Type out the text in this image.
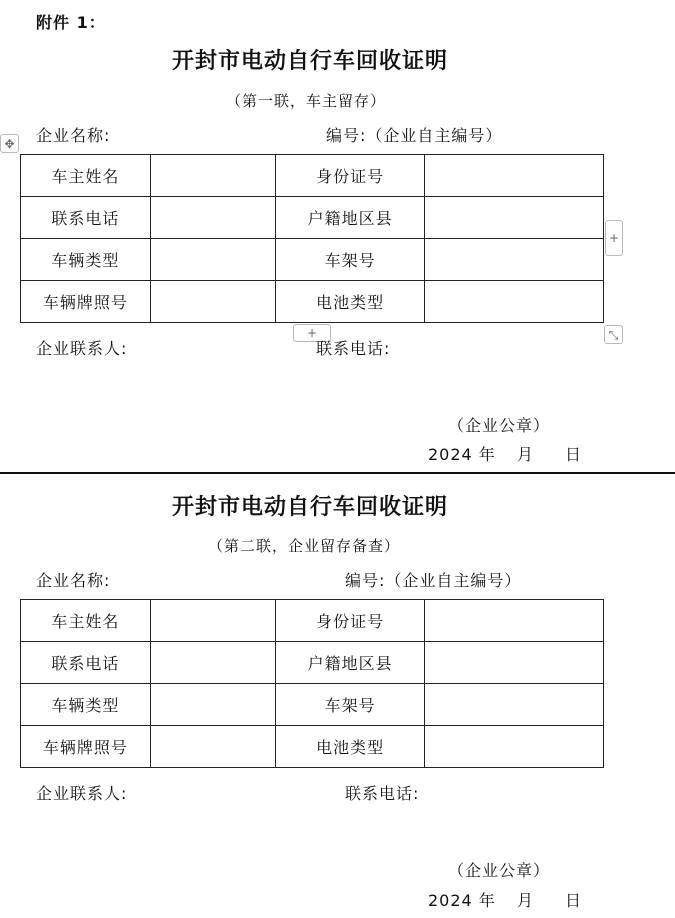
附件 1：
开封市电动自行车回收证明
（第一联，车主留存）
企业名称:	编号:（企业自主编号）
✥
车主姓名		身份证号	
联系电话		户籍地区县	
车辆类型		车架号	
车辆牌照号		电池类型	
+
+	⤡
企业联系人:	联系电话:
（企业公章）
2024 年 月 日
开封市电动自行车回收证明
（第二联，企业留存备查）
企业名称:	编号:（企业自主编号）
车主姓名		身份证号	
联系电话		户籍地区县	
车辆类型		车架号	
车辆牌照号		电池类型	
企业联系人:	联系电话:
（企业公章）
2024 年 月 日
